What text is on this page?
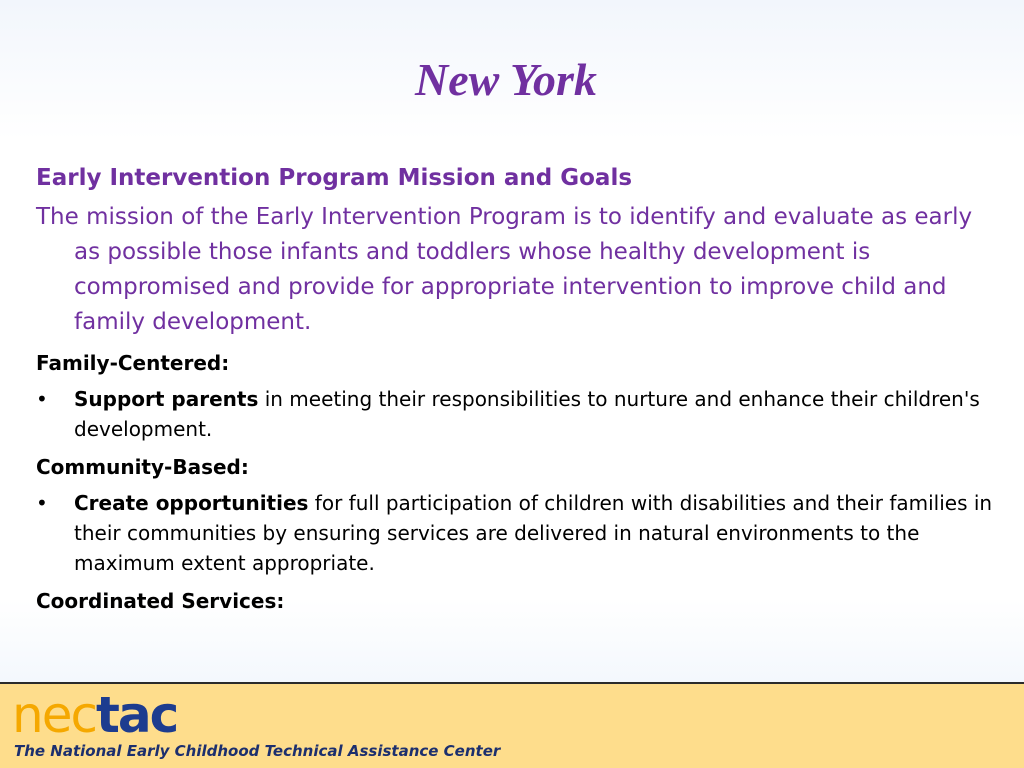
New York

Early Intervention Program Mission and Goals

The mission of the Early Intervention Program is to identify and evaluate as early as possible those infants and toddlers whose healthy development is compromised and provide for appropriate intervention to improve child and family development.

Family-Centered:

• Support parents in meeting their responsibilities to nurture and enhance their children's development.

Community-Based:

• Create opportunities for full participation of children with disabilities and their families in their communities by ensuring services are delivered in natural environments to the maximum extent appropriate.

Coordinated Services:

nectac
The National Early Childhood Technical Assistance Center
